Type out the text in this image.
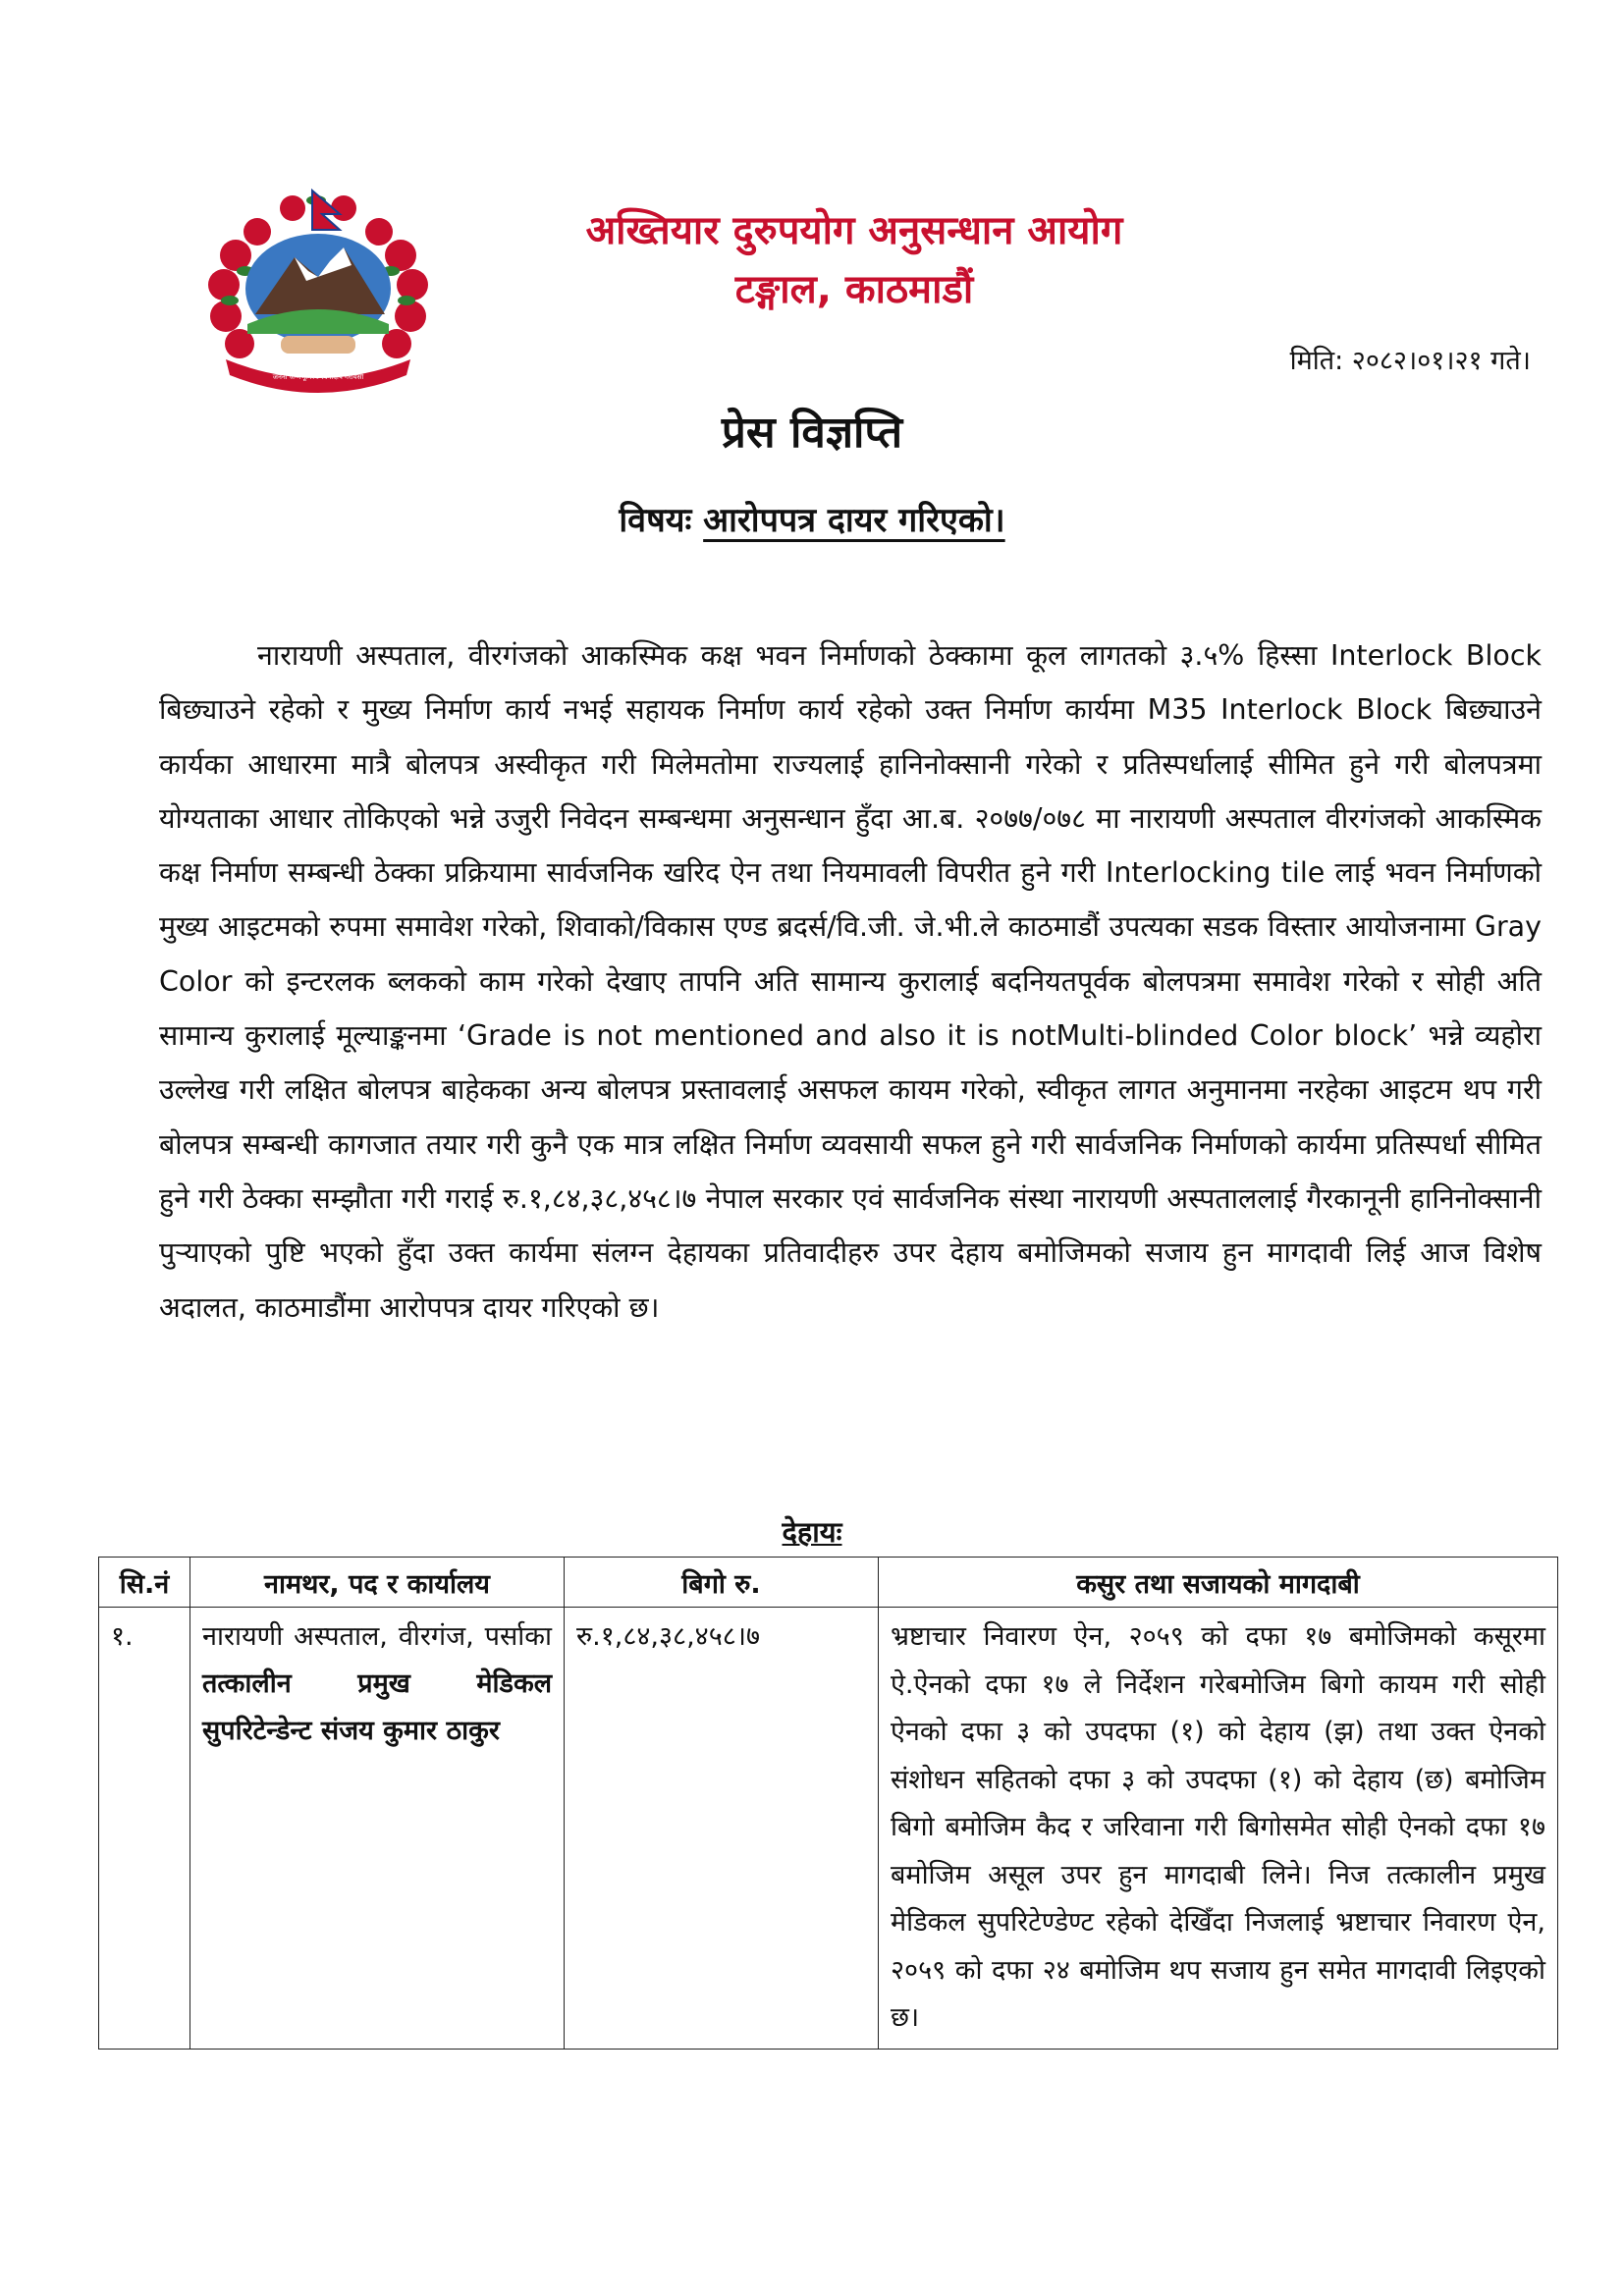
जननी जन्मभूमिश्च स्वर्गादपि गरीयसी
अख्तियार दुरुपयोग अनुसन्धान आयोग
टङ्गाल, काठमाडौं
मिति: २०८२।०१।२१ गते।
प्रेस विज्ञप्ति
विषयः आरोपपत्र दायर गरिएको।

नारायणी अस्पताल, वीरगंजको आकस्मिक कक्ष भवन निर्माणको ठेक्कामा कूल लागतको ३.५% हिस्सा Interlock Block बिछ्याउने रहेको र मुख्य निर्माण कार्य नभई सहायक निर्माण कार्य रहेको उक्त निर्माण कार्यमा M35 Interlock Block बिछ्याउने कार्यका आधारमा मात्रै बोलपत्र अस्वीकृत गरी मिलेमतोमा राज्यलाई हानिनोक्सानी गरेको र प्रतिस्पर्धालाई सीमित हुने गरी बोलपत्रमा योग्यताका आधार तोकिएको भन्ने उजुरी निवेदन सम्बन्धमा अनुसन्धान हुँदा आ.ब. २०७७/०७८ मा नारायणी अस्पताल वीरगंजको आकस्मिक कक्ष निर्माण सम्बन्धी ठेक्का प्रक्रियामा सार्वजनिक खरिद ऐन तथा नियमावली विपरीत हुने गरी Interlocking tile लाई भवन निर्माणको मुख्य आइटमको रुपमा समावेश गरेको, शिवाको/विकास एण्ड ब्रदर्स/वि.जी. जे.भी.ले काठमाडौं उपत्यका सडक विस्तार आयोजनामा Gray Color को इन्टरलक ब्लकको काम गरेको देखाए तापनि अति सामान्य कुरालाई बदनियतपूर्वक बोलपत्रमा समावेश गरेको र सोही अति सामान्य कुरालाई मूल्याङ्कनमा ‘Grade is not mentioned and also it is notMulti-blinded Color block’ भन्ने व्यहोरा उल्लेख गरी लक्षित बोलपत्र बाहेकका अन्य बोलपत्र प्रस्तावलाई असफल कायम गरेको, स्वीकृत लागत अनुमानमा नरहेका आइटम थप गरी बोलपत्र सम्बन्धी कागजात तयार गरी कुनै एक मात्र लक्षित निर्माण व्यवसायी सफल हुने गरी सार्वजनिक निर्माणको कार्यमा प्रतिस्पर्धा सीमित हुने गरी ठेक्का सम्झौता गरी गराई रु.१,८४,३८,४५८।७ नेपाल सरकार एवं सार्वजनिक संस्था नारायणी अस्पताललाई गैरकानूनी हानिनोक्सानी पुऱ्याएको पुष्टि भएको हुँदा उक्त कार्यमा संलग्न देहायका प्रतिवादीहरु उपर देहाय बमोजिमको सजाय हुन मागदावी लिई आज विशेष अदालत, काठमाडौंमा आरोपपत्र दायर गरिएको छ।

देहायः
सि.नं	नामथर, पद र कार्यालय	बिगो रु.	कसुर तथा सजायको मागदाबी
१.	नारायणी अस्पताल, वीरगंज, पर्साका तत्कालीन प्रमुख मेडिकल सुपरिटेन्डेन्ट संजय कुमार ठाकुर	रु.१,८४,३८,४५८।७	भ्रष्टाचार निवारण ऐन, २०५९ को दफा १७ बमोजिमको कसूरमा ऐ.ऐनको दफा १७ ले निर्देशन गरेबमोजिम बिगो कायम गरी सोही ऐनको दफा ३ को उपदफा (१) को देहाय (झ) तथा उक्त ऐनको संशोधन सहितको दफा ३ को उपदफा (१) को देहाय (छ) बमोजिम बिगो बमोजिम कैद र जरिवाना गरी बिगोसमेत सोही ऐनको दफा १७ बमोजिम असूल उपर हुन मागदाबी लिने। निज तत्कालीन प्रमुख मेडिकल सुपरिटेण्डेण्ट रहेको देखिँदा निजलाई भ्रष्टाचार निवारण ऐन, २०५९ को दफा २४ बमोजिम थप सजाय हुन समेत मागदावी लिइएको छ।
